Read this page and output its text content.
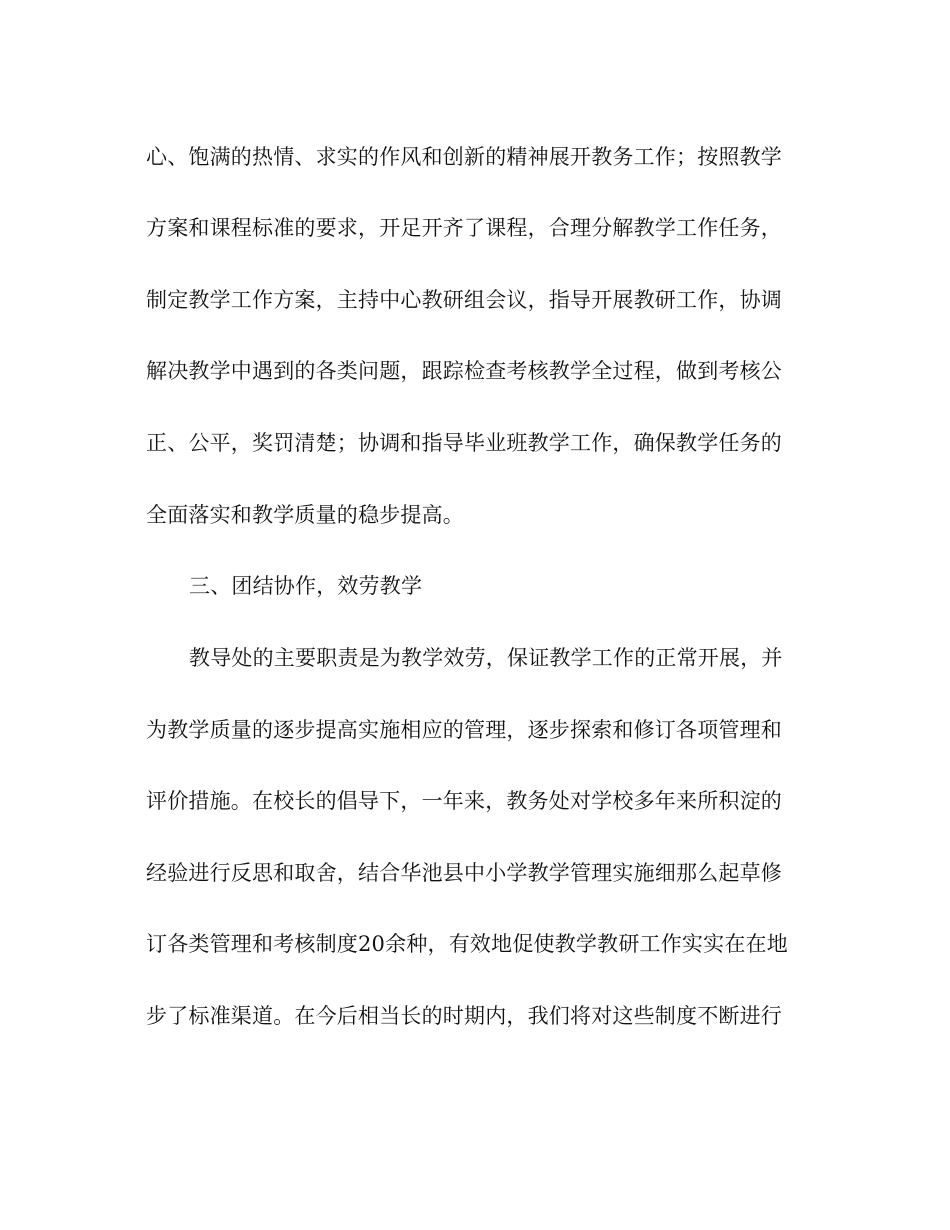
心、饱满的热情、求实的作风和创新的精神展开教务工作；按照教学
方案和课程标准的要求，开足开齐了课程，合理分解教学工作任务，
制定教学工作方案，主持中心教研组会议，指导开展教研工作，协调
解决教学中遇到的各类问题，跟踪检查考核教学全过程，做到考核公
正、公平，奖罚清楚；协调和指导毕业班教学工作，确保教学任务的
全面落实和教学质量的稳步提高。
三、团结协作，效劳教学
教导处的主要职责是为教学效劳，保证教学工作的正常开展，并
为教学质量的逐步提高实施相应的管理，逐步探索和修订各项管理和
评价措施。在校长的倡导下，一年来，教务处对学校多年来所积淀的
经验进行反思和取舍，结合华池县中小学教学管理实施细那么起草修
订各类管理和考核制度20余种，有效地促使教学教研工作实实在在地
步了标准渠道。在今后相当长的时期内，我们将对这些制度不断进行
